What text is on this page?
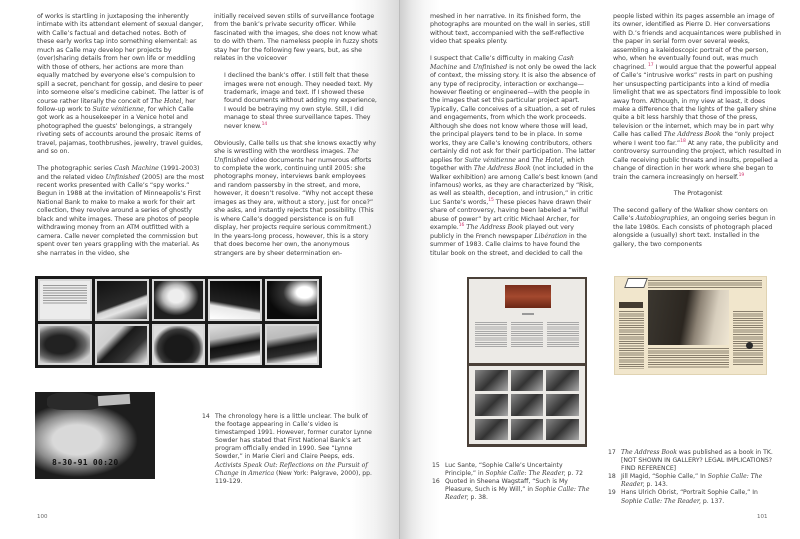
of works is startling in juxtaposing the inherently intimate with its attendant element of sexual danger, with Calle’s factual and detached notes. Both of these early works tap into something elemental: as much as Calle may develop her projects by (over)sharing details from her own life or meddling with those of others, her actions are more than equally matched by everyone else’s compulsion to spill a secret, penchant for gossip, and desire to peer into someone else’s medicine cabinet. The latter is of course rather literally the conceit of The Hotel, her follow-up work to Suite vénitienne, for which Calle got work as a housekeeper in a Venice hotel and photographed the guests’ belongings, a strangely riveting sets of accounts around the prosaic items of travel, pajamas, toothbrushes, jewelry, travel guides, and so on.

The photographic series Cash Machine (1991-2003) and the related video Unfinished (2005) are the most recent works presented with Calle’s “spy works.” Begun in 1988 at the invitation of Minneapolis’s First National Bank to make to make a work for their art collection, they revolve around a series of ghostly black and white images. These are photos of people withdrawing money from an ATM outfitted with a camera. Calle never completed the commission but spent over ten years grappling with the material. As she narrates in the video, she

initially received seven stills of surveillance footage from the bank’s private security officer. While fascinated with the images, she does not know what to do with them. The nameless people in fuzzy shots stay her for the following few years, but, as she relates in the voiceover

I declined the bank’s offer. I still felt that these images were not enough. They needed text. My trademark, image and text. If I showed these found documents without adding my experience, I would be betraying my own style. Still, I did manage to steal three surveillance tapes. They never knew.$^{14}$

Obviously, Calle tells us that she knows exactly why she is wrestling with the wordless images. The Unfinished video documents her numerous efforts to complete the work, continuing until 2005: she photographs money, interviews bank employees and random passersby in the street, and more, however, it doesn’t resolve. “Why not accept these images as they are, without a story, just for once?” she asks, and instantly rejects that possibility. (This is where Calle’s dogged persistence is on full display, her projects require serious commitment.) In the years-long process, however, this is a story that does become her own, the anonymous strangers are by sheer determination en-

8-30-91 00:20
14 The chronology here is a little unclear. The bulk of the footage appearing in Calle’s video is timestamped 1991. However, former curator Lynne Sowder has stated that First National Bank’s art program officially ended in 1990. See “Lynne Sowder,” in Marie Cieri and Claire Peeps, eds. Activists Speak Out: Reflections on the Pursuit of Change in America (New York: Palgrave, 2000), pp. 119-129.
100

meshed in her narrative. In its finished form, the photographs are mounted on the wall in series, still without text, accompanied with the self-reflective video that speaks plenty.

I suspect that Calle’s difficulty in making Cash Machine and Unfinished is not only be owed the lack of context, the missing story. It is also the absence of any type of reciprocity, interaction or exchange—however fleeting or engineered—with the people in the images that set this particular project apart. Typically, Calle conceives of a situation, a set of rules and engagements, from which the work proceeds. Although she does not know where those will lead, the principal players tend to be in place. In some works, they are Calle’s knowing contributors, others certainly did not ask for their participation. The latter applies for Suite vénitienne and The Hotel, which together with The Address Book (not included in the Walker exhibition) are among Calle’s best known (and infamous) works, as they are characterized by “Risk, as well as stealth, deception, and intrusion,” in critic Luc Sante’s words,$^{15}$ These pieces have drawn their share of controversy, having been labeled a “wilful abuse of power” by art critic Michael Archer, for example.$^{16}$ The Address Book played out very publicly in the French newspaper Libération in the summer of 1983. Calle claims to have found the titular book on the street, and decided to call the

people listed within its pages assemble an image of its owner, identified as Pierre D. Her conversations with D.’s friends and acquaintances were published in the paper in serial form over several weeks, assembling a kaleidoscopic portrait of the person, who, when he eventually found out, was much chagrined. $^{17}$ I would argue that the powerful appeal of Calle’s “intrusive works” rests in part on pushing her unsuspecting participants into a kind of media limelight that we as spectators find impossible to look away from. Although, in my view at least, it does make a difference that the lights of the gallery shine quite a bit less harshly that those of the press, television or the internet, which may be in part why Calle has called The Address Book the “only project where I went too far.”$^{18}$ At any rate, the publicity and controversy surrounding the project, which resulted in Calle receiving public threats and insults, propelled a change of direction in her work where she began to train the camera increasingly on herself.$^{19}$

The Protagonist

The second gallery of the Walker show centers on Calle’s Autobiographies, an ongoing series begun in the late 1980s. Each consists of photograph placed alongside a (usually) short text. Installed in the gallery, the two components

15 Luc Sante, “Sophie Calle’s Uncertainty Principle,” in Sophie Calle: The Reader, p. 72
16 Quoted in Sheena Wagstaff, “Such is My Pleasure, Such is My Will,” in Sophie Calle: The Reader, p. 38.
17 The Address Book was published as a book in TK. [NOT SHOWN IN GALLERY? LEGAL IMPLICATIONS? FIND REFERENCE]
18 Jill Magid, “Sophie Calle,” In Sophie Calle: The Reader, p. 143.
19 Hans Ulrich Obrist, “Portrait Sophie Calle,” In Sophie Calle: The Reader, p. 137.
101
